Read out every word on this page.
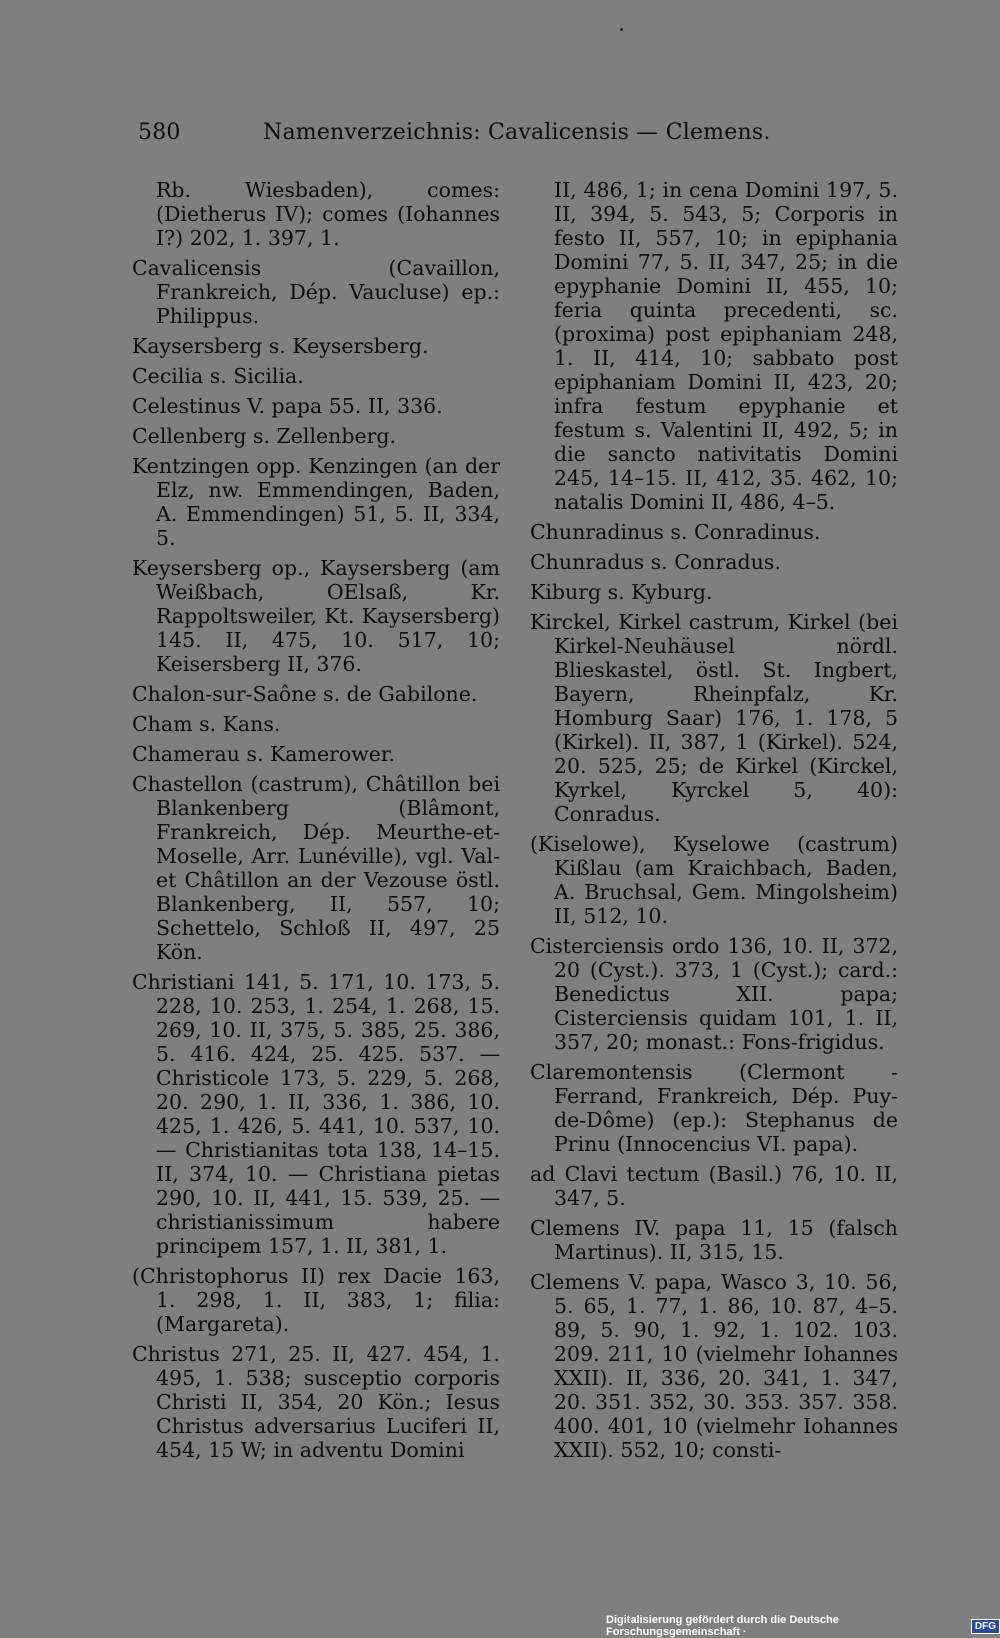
580	Namenverzeichnis: Cavalicensis — Clemens.

Rb. Wiesbaden), comes: (Dietherus IV); comes (Iohannes I?) 202, 1. 397, 1.

Cavalicensis (Cavaillon, Frankreich, Dép. Vaucluse) ep.: Philippus.

Kaysersberg s. Keysersberg.

Cecilia s. Sicilia.

Celestinus V. papa 55. II, 336.

Cellenberg s. Zellenberg.

Kentzingen opp. Kenzingen (an der Elz, nw. Emmendingen, Baden, A. Emmendingen) 51, 5. II, 334, 5.

Keysersberg op., Kaysersberg (am Weißbach, OElsaß, Kr. Rappoltsweiler, Kt. Kaysersberg) 145. II, 475, 10. 517, 10; Keisersberg II, 376.

Chalon-sur-Saône s. de Gabilone.

Cham s. Kans.

Chamerau s. Kamerower.

Chastellon (castrum), Châtillon bei Blankenberg (Blâmont, Frankreich, Dép. Meurthe-et-Moselle, Arr. Lunéville), vgl. Val-et Châtillon an der Vezouse östl. Blankenberg, II, 557, 10; Schettelo, Schloß II, 497, 25 Kön.

Christiani 141, 5. 171, 10. 173, 5. 228, 10. 253, 1. 254, 1. 268, 15. 269, 10. II, 375, 5. 385, 25. 386, 5. 416. 424, 25. 425. 537. — Christicole 173, 5. 229, 5. 268, 20. 290, 1. II, 336, 1. 386, 10. 425, 1. 426, 5. 441, 10. 537, 10. — Christianitas tota 138, 14–15. II, 374, 10. — Christiana pietas 290, 10. II, 441, 15. 539, 25. — christianissimum habere principem 157, 1. II, 381, 1.

(Christophorus II) rex Dacie 163, 1. 298, 1. II, 383, 1; filia: (Margareta).

Christus 271, 25. II, 427. 454, 1. 495, 1. 538; susceptio corporis Christi II, 354, 20 Kön.; Iesus Christus adversarius Luciferi II, 454, 15 W; in adventu Domini

II, 486, 1; in cena Domini 197, 5. II, 394, 5. 543, 5; Corporis in festo II, 557, 10; in epiphania Domini 77, 5. II, 347, 25; in die epyphanie Domini II, 455, 10; feria quinta precedenti, sc. (proxima) post epiphaniam 248, 1. II, 414, 10; sabbato post epiphaniam Domini II, 423, 20; infra festum epyphanie et festum s. Valentini II, 492, 5; in die sancto nativitatis Domini 245, 14–15. II, 412, 35. 462, 10; natalis Domini II, 486, 4–5.

Chunradinus s. Conradinus.

Chunradus s. Conradus.

Kiburg s. Kyburg.

Kirckel, Kirkel castrum, Kirkel (bei Kirkel-Neuhäusel nördl. Blieskastel, östl. St. Ingbert, Bayern, Rheinpfalz, Kr. Homburg Saar) 176, 1. 178, 5 (Kirkel). II, 387, 1 (Kirkel). 524, 20. 525, 25; de Kirkel (Kirckel, Kyrkel, Kyrckel 5, 40): Conradus.

(Kiselowe), Kyselowe (castrum) Kißlau (am Kraichbach, Baden, A. Bruchsal, Gem. Mingolsheim) II, 512, 10.

Cisterciensis ordo 136, 10. II, 372, 20 (Cyst.). 373, 1 (Cyst.); card.: Benedictus XII. papa; Cisterciensis quidam 101, 1. II, 357, 20; monast.: Fons-frigidus.

Claremontensis (Clermont - Ferrand, Frankreich, Dép. Puy-de-Dôme) (ep.): Stephanus de Prinu (Innocencius VI. papa).

ad Clavi tectum (Basil.) 76, 10. II, 347, 5.

Clemens IV. papa 11, 15 (falsch Martinus). II, 315, 15.

Clemens V. papa, Wasco 3, 10. 56, 5. 65, 1. 77, 1. 86, 10. 87, 4–5. 89, 5. 90, 1. 92, 1. 102. 103. 209. 211, 10 (vielmehr Iohannes XXII). II, 336, 20. 341, 1. 347, 20. 351. 352, 30. 353. 357. 358. 400. 401, 10 (vielmehr Iohannes XXII). 552, 10; consti-

Digitalisierung gefördert durch die Deutsche Forschungsgemeinschaft ·	DFG
